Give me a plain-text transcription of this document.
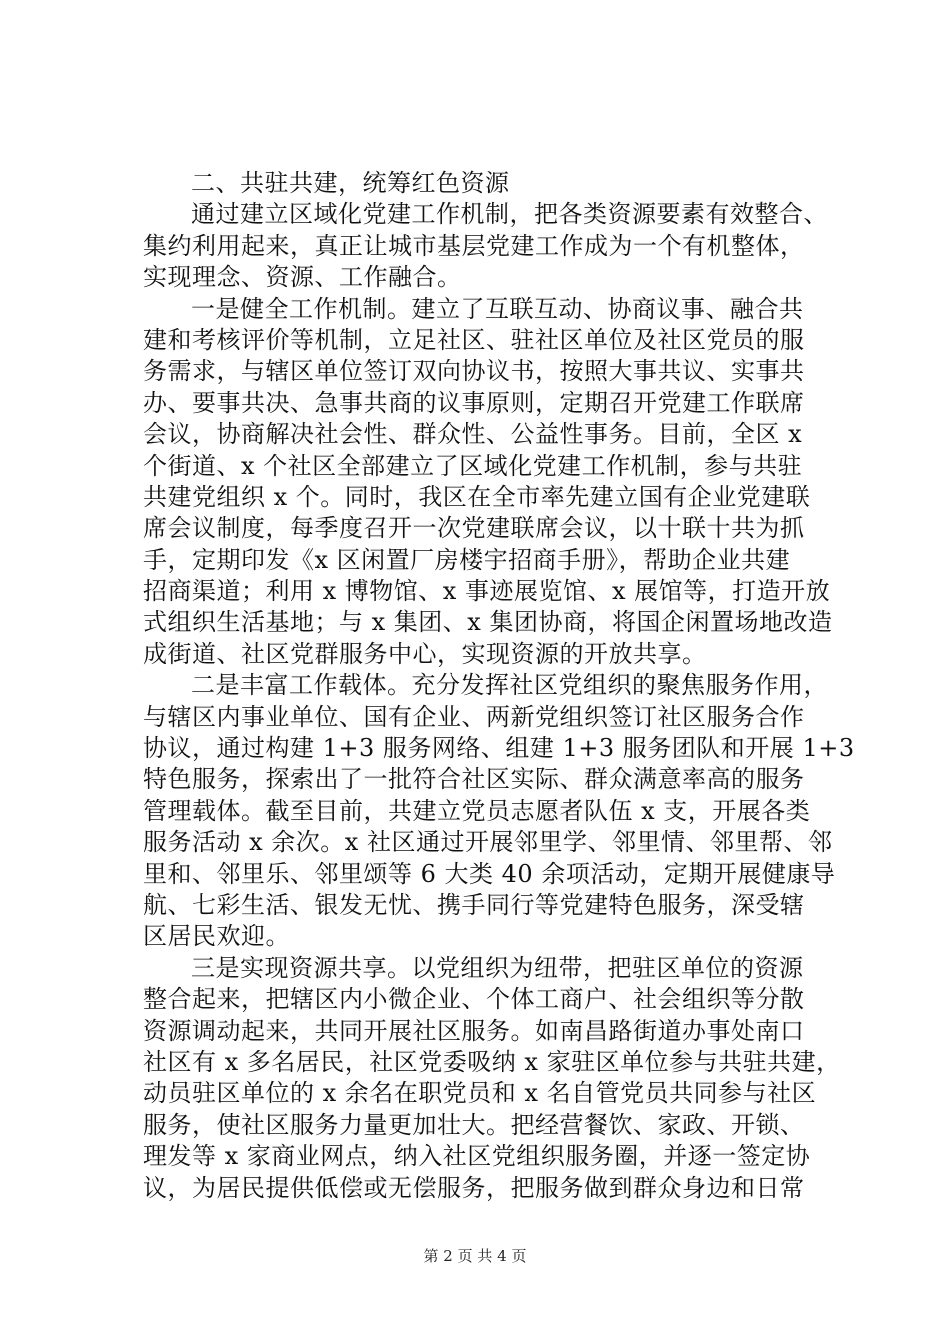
二、共驻共建，统筹红色资源
通过建立区域化党建工作机制，把各类资源要素有效整合、
集约利用起来，真正让城市基层党建工作成为一个有机整体，
实现理念、资源、工作融合。
一是健全工作机制。建立了互联互动、协商议事、融合共
建和考核评价等机制，立足社区、驻社区单位及社区党员的服
务需求，与辖区单位签订双向协议书，按照大事共议、实事共
办、要事共决、急事共商的议事原则，定期召开党建工作联席
会议，协商解决社会性、群众性、公益性事务。目前，全区 x
个街道、x 个社区全部建立了区域化党建工作机制，参与共驻
共建党组织 x 个。同时，我区在全市率先建立国有企业党建联
席会议制度，每季度召开一次党建联席会议，以十联十共为抓
手，定期印发《x 区闲置厂房楼宇招商手册》，帮助企业共建
招商渠道；利用 x 博物馆、x 事迹展览馆、x 展馆等，打造开放
式组织生活基地；与 x 集团、x 集团协商，将国企闲置场地改造
成街道、社区党群服务中心，实现资源的开放共享。
二是丰富工作载体。充分发挥社区党组织的聚焦服务作用，
与辖区内事业单位、国有企业、两新党组织签订社区服务合作
协议，通过构建 1+3 服务网络、组建 1+3 服务团队和开展 1+3
特色服务，探索出了一批符合社区实际、群众满意率高的服务
管理载体。截至目前，共建立党员志愿者队伍 x 支，开展各类
服务活动 x 余次。x 社区通过开展邻里学、邻里情、邻里帮、邻
里和、邻里乐、邻里颂等 6 大类 40 余项活动，定期开展健康导
航、七彩生活、银发无忧、携手同行等党建特色服务，深受辖
区居民欢迎。
三是实现资源共享。以党组织为纽带，把驻区单位的资源
整合起来，把辖区内小微企业、个体工商户、社会组织等分散
资源调动起来，共同开展社区服务。如南昌路街道办事处南口
社区有 x 多名居民，社区党委吸纳 x 家驻区单位参与共驻共建，
动员驻区单位的 x 余名在职党员和 x 名自管党员共同参与社区
服务，使社区服务力量更加壮大。把经营餐饮、家政、开锁、
理发等 x 家商业网点，纳入社区党组织服务圈，并逐一签定协
议，为居民提供低偿或无偿服务，把服务做到群众身边和日常
第 2 页 共 4 页
